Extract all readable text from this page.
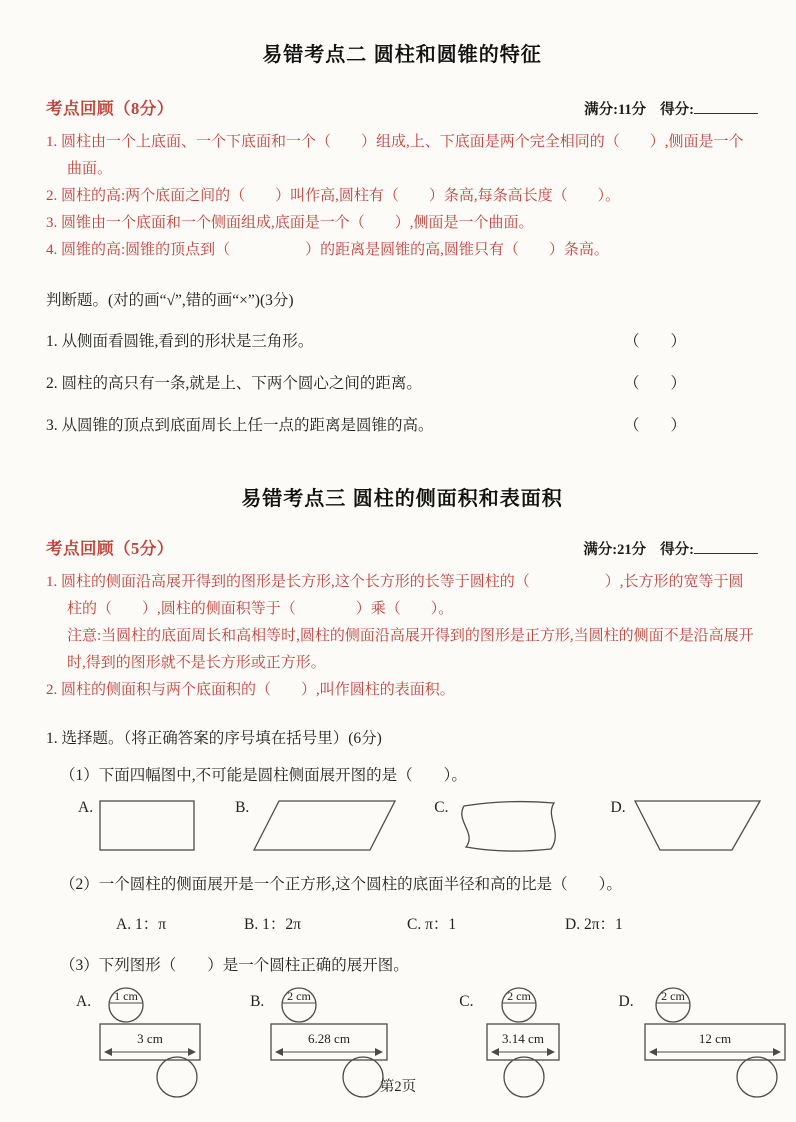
易错考点二 圆柱和圆锥的特征
考点回顾（8分）	满分:11分 得分:
1. 圆柱由一个上底面、一个下底面和一个（　　）组成,上、下底面是两个完全相同的（　　）,侧面是一个曲面。
2. 圆柱的高:两个底面之间的（　　）叫作高,圆柱有（　　）条高,每条高长度（　　）。
3. 圆锥由一个底面和一个侧面组成,底面是一个（　　）,侧面是一个曲面。
4. 圆锥的高:圆锥的顶点到（　　　　　）的距离是圆锥的高,圆锥只有（　　）条高。
判断题。(对的画“√”,错的画“×”)(3分)
1. 从侧面看圆锥,看到的形状是三角形。	（　　）
2. 圆柱的高只有一条,就是上、下两个圆心之间的距离。	（　　）
3. 从圆锥的顶点到底面周长上任一点的距离是圆锥的高。	（　　）
易错考点三 圆柱的侧面积和表面积
考点回顾（5分）	满分:21分 得分:
1. 圆柱的侧面沿高展开得到的图形是长方形,这个长方形的长等于圆柱的（　　　　　）,长方形的宽等于圆柱的（　　）,圆柱的侧面积等于（　　　　）乘（　　）。
注意:当圆柱的底面周长和高相等时,圆柱的侧面沿高展开得到的图形是正方形,当圆柱的侧面不是沿高展开时,得到的图形就不是长方形或正方形。
2. 圆柱的侧面积与两个底面积的（　　）,叫作圆柱的表面积。
1. 选择题。（将正确答案的序号填在括号里）(6分)
（1）下面四幅图中,不可能是圆柱侧面展开图的是（　　）。
A.	B.	C.	D.
（2）一个圆柱的侧面展开是一个正方形,这个圆柱的底面半径和高的比是（　　）。
A. 1：π	B. 1：2π	C. π：1	D. 2π：1
（3）下列图形（　　）是一个圆柱正确的展开图。
A. 1 cm
3 cm
B. 2 cm
6.28 cm
C.	2 cm
3.14 cm
D. 2 cm
12 cm
第2页
